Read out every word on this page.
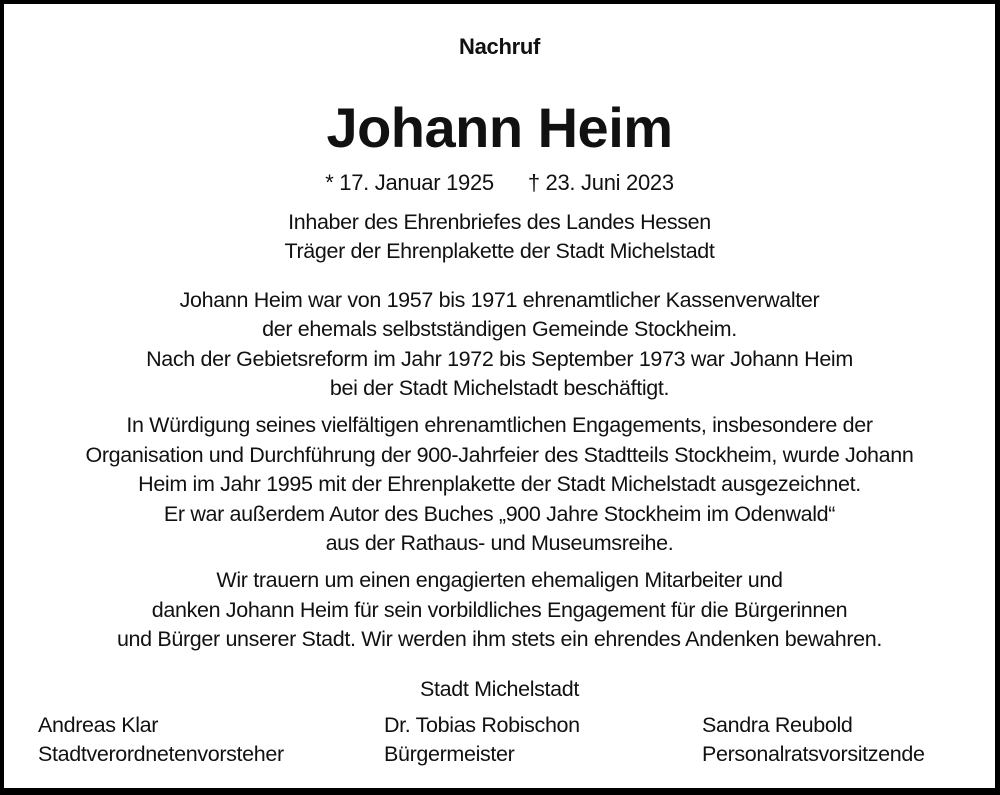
Nachruf
Johann Heim
* 17. Januar 1925 † 23. Juni 2023
Inhaber des Ehrenbriefes des Landes Hessen
Träger der Ehrenplakette der Stadt Michelstadt
Johann Heim war von 1957 bis 1971 ehrenamtlicher Kassenverwalter
der ehemals selbstständigen Gemeinde Stockheim.
Nach der Gebietsreform im Jahr 1972 bis September 1973 war Johann Heim
bei der Stadt Michelstadt beschäftigt.
In Würdigung seines vielfältigen ehrenamtlichen Engagements, insbesondere der
Organisation und Durchführung der 900-Jahrfeier des Stadtteils Stockheim, wurde Johann
Heim im Jahr 1995 mit der Ehrenplakette der Stadt Michelstadt ausgezeichnet.
Er war außerdem Autor des Buches „900 Jahre Stockheim im Odenwald“
aus der Rathaus- und Museumsreihe.
Wir trauern um einen engagierten ehemaligen Mitarbeiter und
danken Johann Heim für sein vorbildliches Engagement für die Bürgerinnen
und Bürger unserer Stadt. Wir werden ihm stets ein ehrendes Andenken bewahren.
Stadt Michelstadt
Andreas Klar
Stadtverordnetenvorsteher
Dr. Tobias Robischon
Bürgermeister
Sandra Reubold
Personalratsvorsitzende
